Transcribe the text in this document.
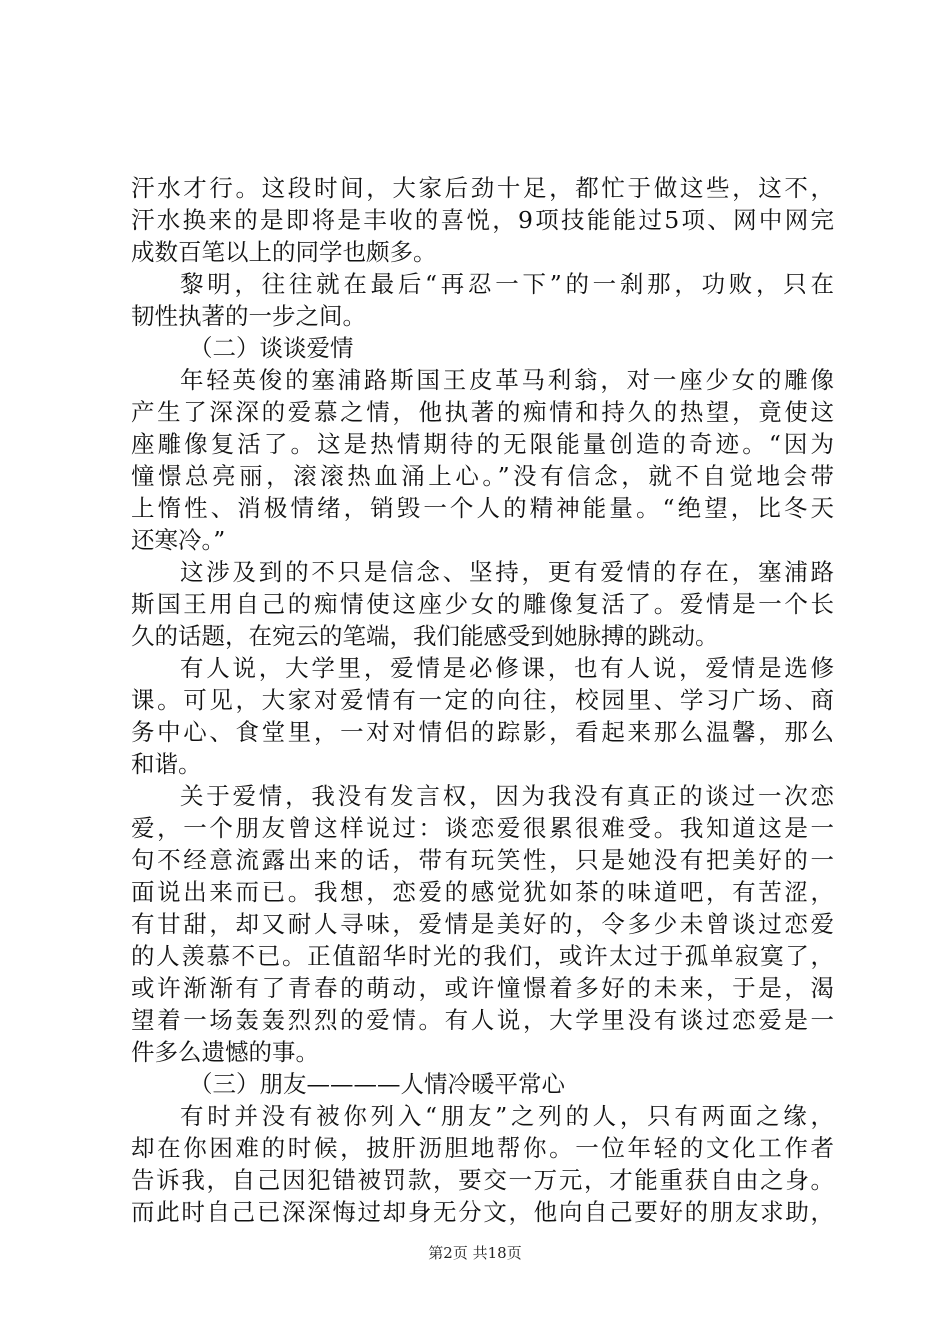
汗水才行。这段时间，大家后劲十足，都忙于做这些，这不，
汗水换来的是即将是丰收的喜悦，9项技能能过5项、网中网完
成数百笔以上的同学也颇多。
黎明，往往就在最后“再忍一下”的一刹那，功败，只在
韧性执著的一步之间。
（二）谈谈爱情
年轻英俊的塞浦路斯国王皮革马利翁，对一座少女的雕像
产生了深深的爱慕之情，他执著的痴情和持久的热望，竟使这
座雕像复活了。这是热情期待的无限能量创造的奇迹。“因为
憧憬总亮丽，滚滚热血涌上心。”没有信念，就不自觉地会带
上惰性、消极情绪，销毁一个人的精神能量。“绝望，比冬天
还寒冷。”
这涉及到的不只是信念、坚持，更有爱情的存在，塞浦路
斯国王用自己的痴情使这座少女的雕像复活了。爱情是一个长
久的话题，在宛云的笔端，我们能感受到她脉搏的跳动。
有人说，大学里，爱情是必修课，也有人说，爱情是选修
课。可见，大家对爱情有一定的向往，校园里、学习广场、商
务中心、食堂里，一对对情侣的踪影，看起来那么温馨，那么
和谐。
关于爱情，我没有发言权，因为我没有真正的谈过一次恋
爱，一个朋友曾这样说过：谈恋爱很累很难受。我知道这是一
句不经意流露出来的话，带有玩笑性，只是她没有把美好的一
面说出来而已。我想，恋爱的感觉犹如茶的味道吧，有苦涩，
有甘甜，却又耐人寻味，爱情是美好的，令多少未曾谈过恋爱
的人羡慕不已。正值韶华时光的我们，或许太过于孤单寂寞了，
或许渐渐有了青春的萌动，或许憧憬着多好的未来，于是，渴
望着一场轰轰烈烈的爱情。有人说，大学里没有谈过恋爱是一
件多么遗憾的事。
（三）朋友————人情冷暖平常心
有时并没有被你列入“朋友”之列的人，只有两面之缘，
却在你困难的时候，披肝沥胆地帮你。一位年轻的文化工作者
告诉我，自己因犯错被罚款，要交一万元，才能重获自由之身。
而此时自己已深深悔过却身无分文，他向自己要好的朋友求助，
第2页 共18页
